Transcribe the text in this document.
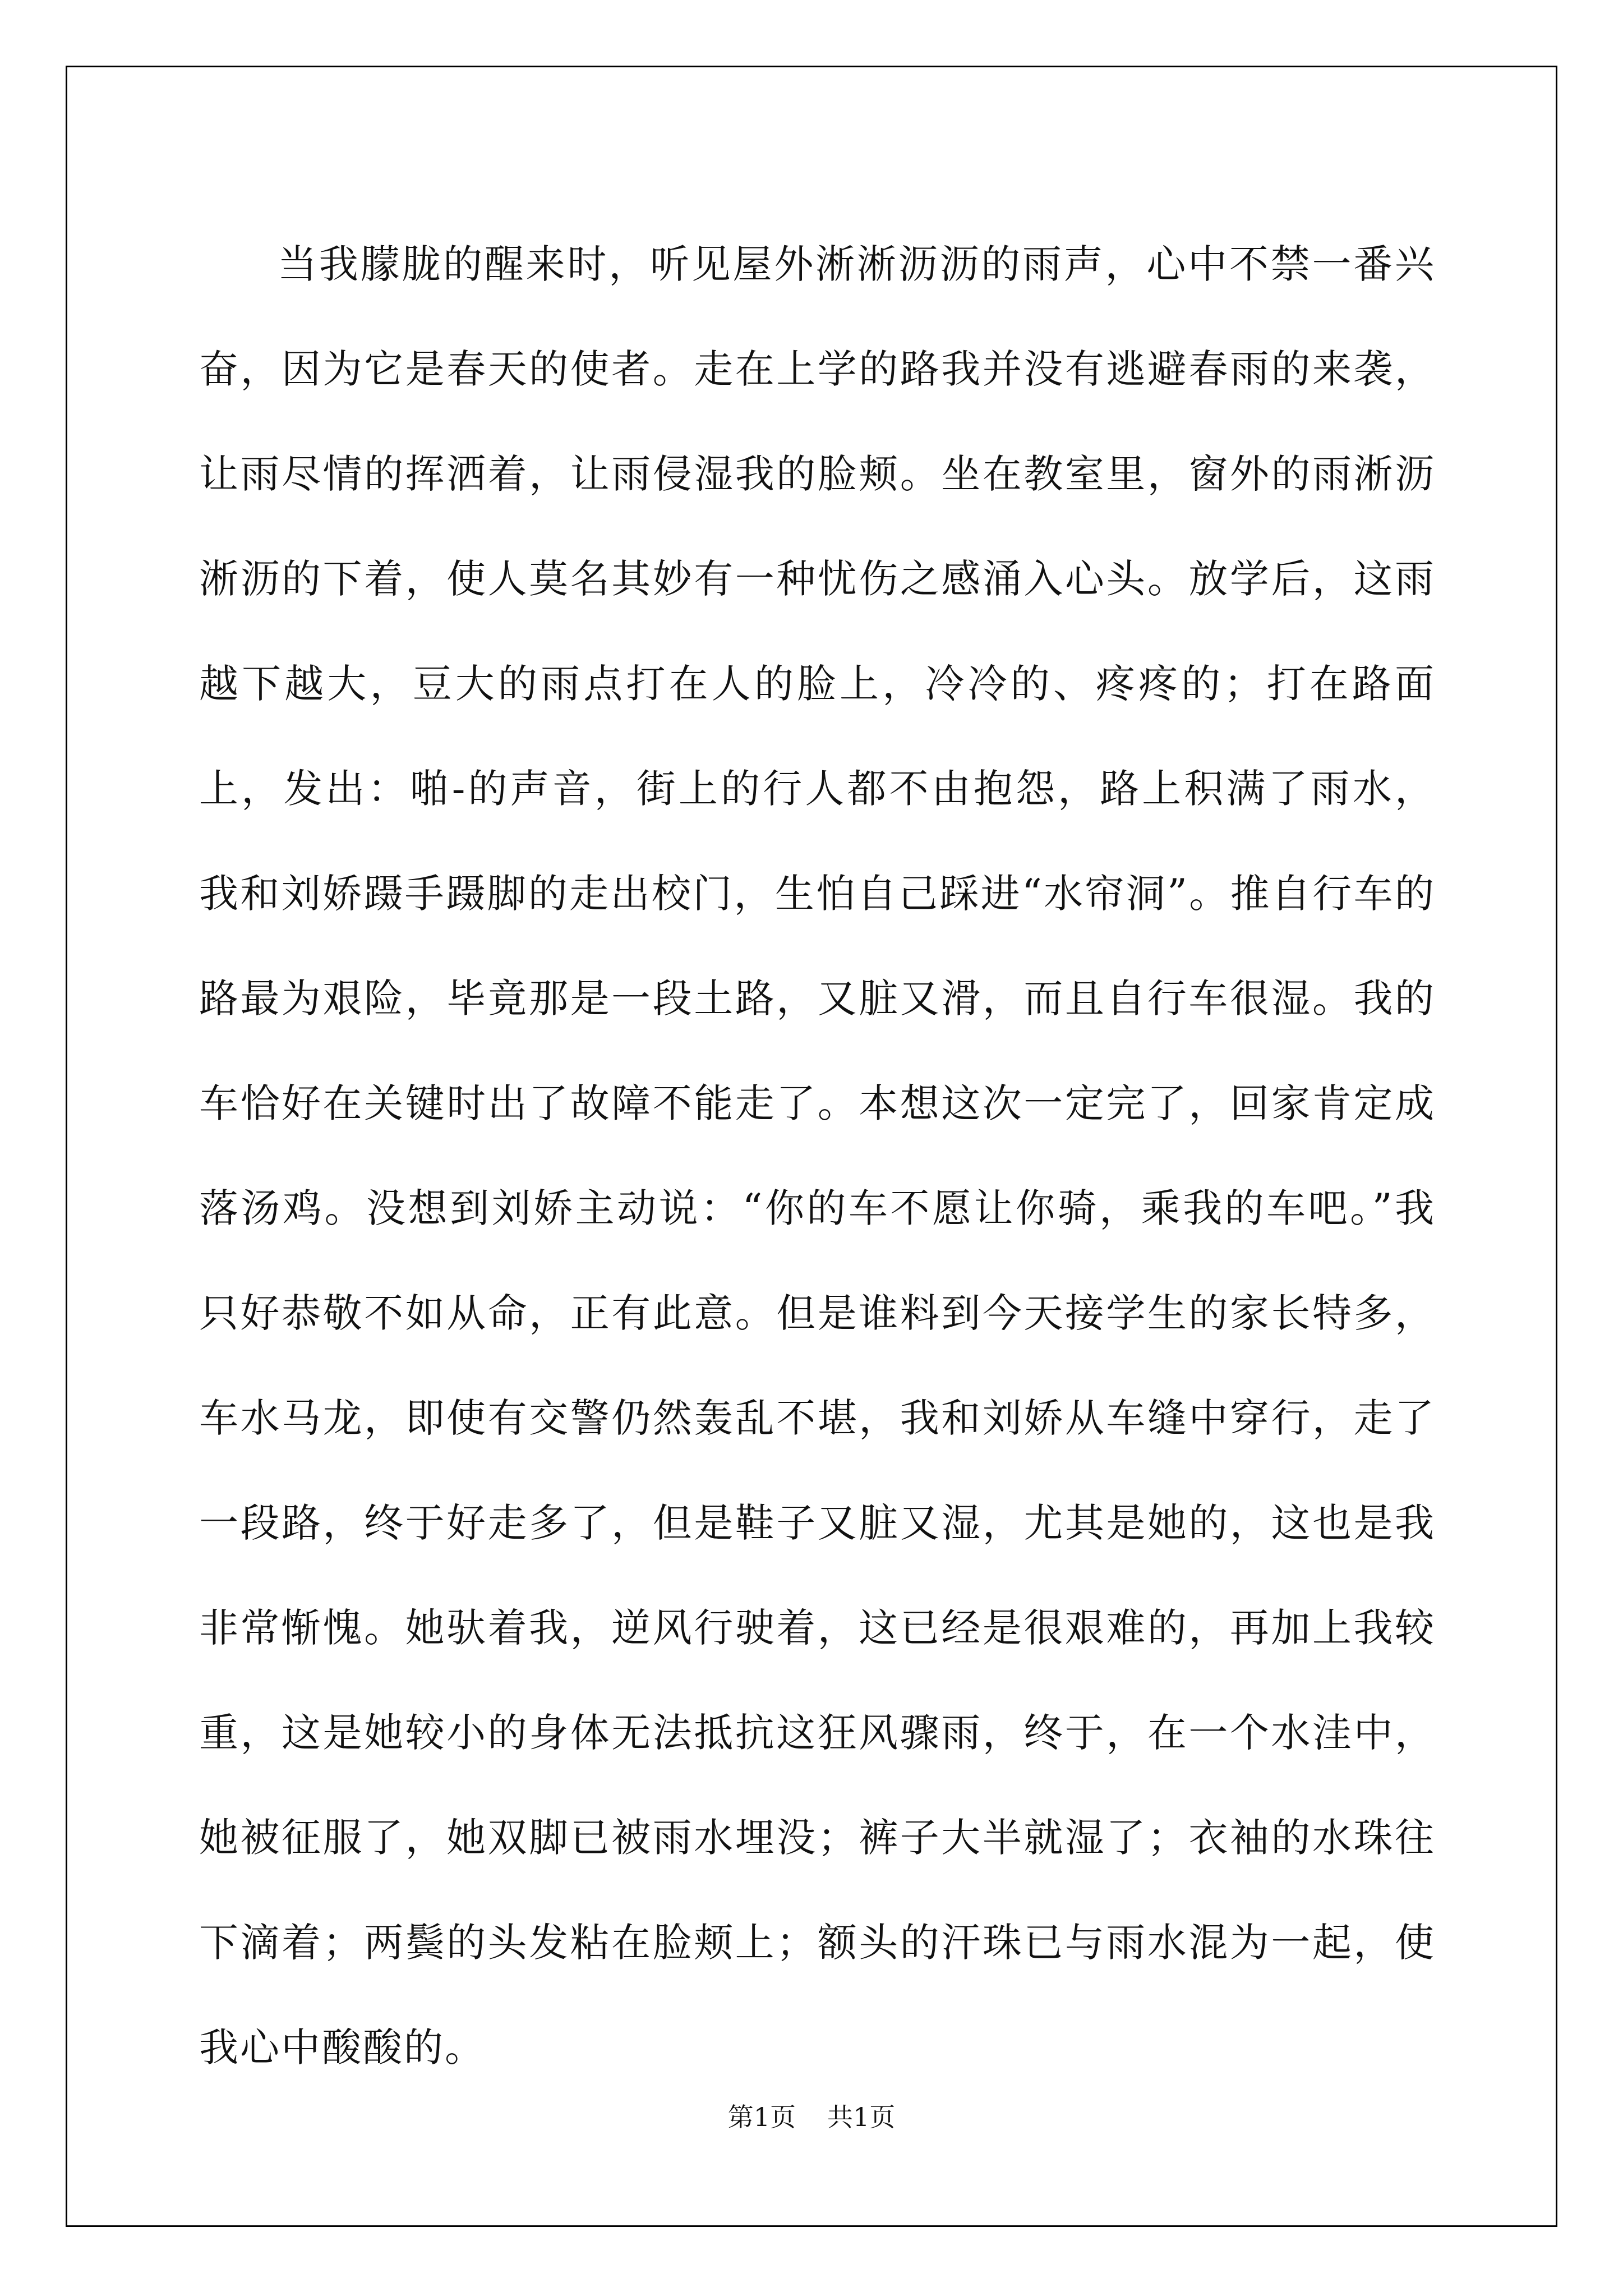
当我朦胧的醒来时，听见屋外淅淅沥沥的雨声，心中不禁一番兴奋，因为它是春天的使者。走在上学的路我并没有逃避春雨的来袭，让雨尽情的挥洒着，让雨侵湿我的脸颊。坐在教室里，窗外的雨淅沥淅沥的下着，使人莫名其妙有一种忧伤之感涌入心头。放学后，这雨越下越大，豆大的雨点打在人的脸上，冷冷的、疼疼的；打在路面上，发出：啪-的声音，街上的行人都不由抱怨，路上积满了雨水，我和刘娇蹑手蹑脚的走出校门，生怕自己踩进“水帘洞”。推自行车的路最为艰险，毕竟那是一段土路，又脏又滑，而且自行车很湿。我的车恰好在关键时出了故障不能走了。本想这次一定完了，回家肯定成落汤鸡。没想到刘娇主动说：“你的车不愿让你骑，乘我的车吧。”我只好恭敬不如从命，正有此意。但是谁料到今天接学生的家长特多，车水马龙，即使有交警仍然轰乱不堪，我和刘娇从车缝中穿行，走了一段路，终于好走多了，但是鞋子又脏又湿，尤其是她的，这也是我非常惭愧。她驮着我，逆风行驶着，这已经是很艰难的，再加上我较重，这是她较小的身体无法抵抗这狂风骤雨，终于，在一个水洼中，她被征服了，她双脚已被雨水埋没；裤子大半就湿了；衣袖的水珠往下滴着；两鬓的头发粘在脸颊上；额头的汗珠已与雨水混为一起，使我心中酸酸的。

第1页 共1页
